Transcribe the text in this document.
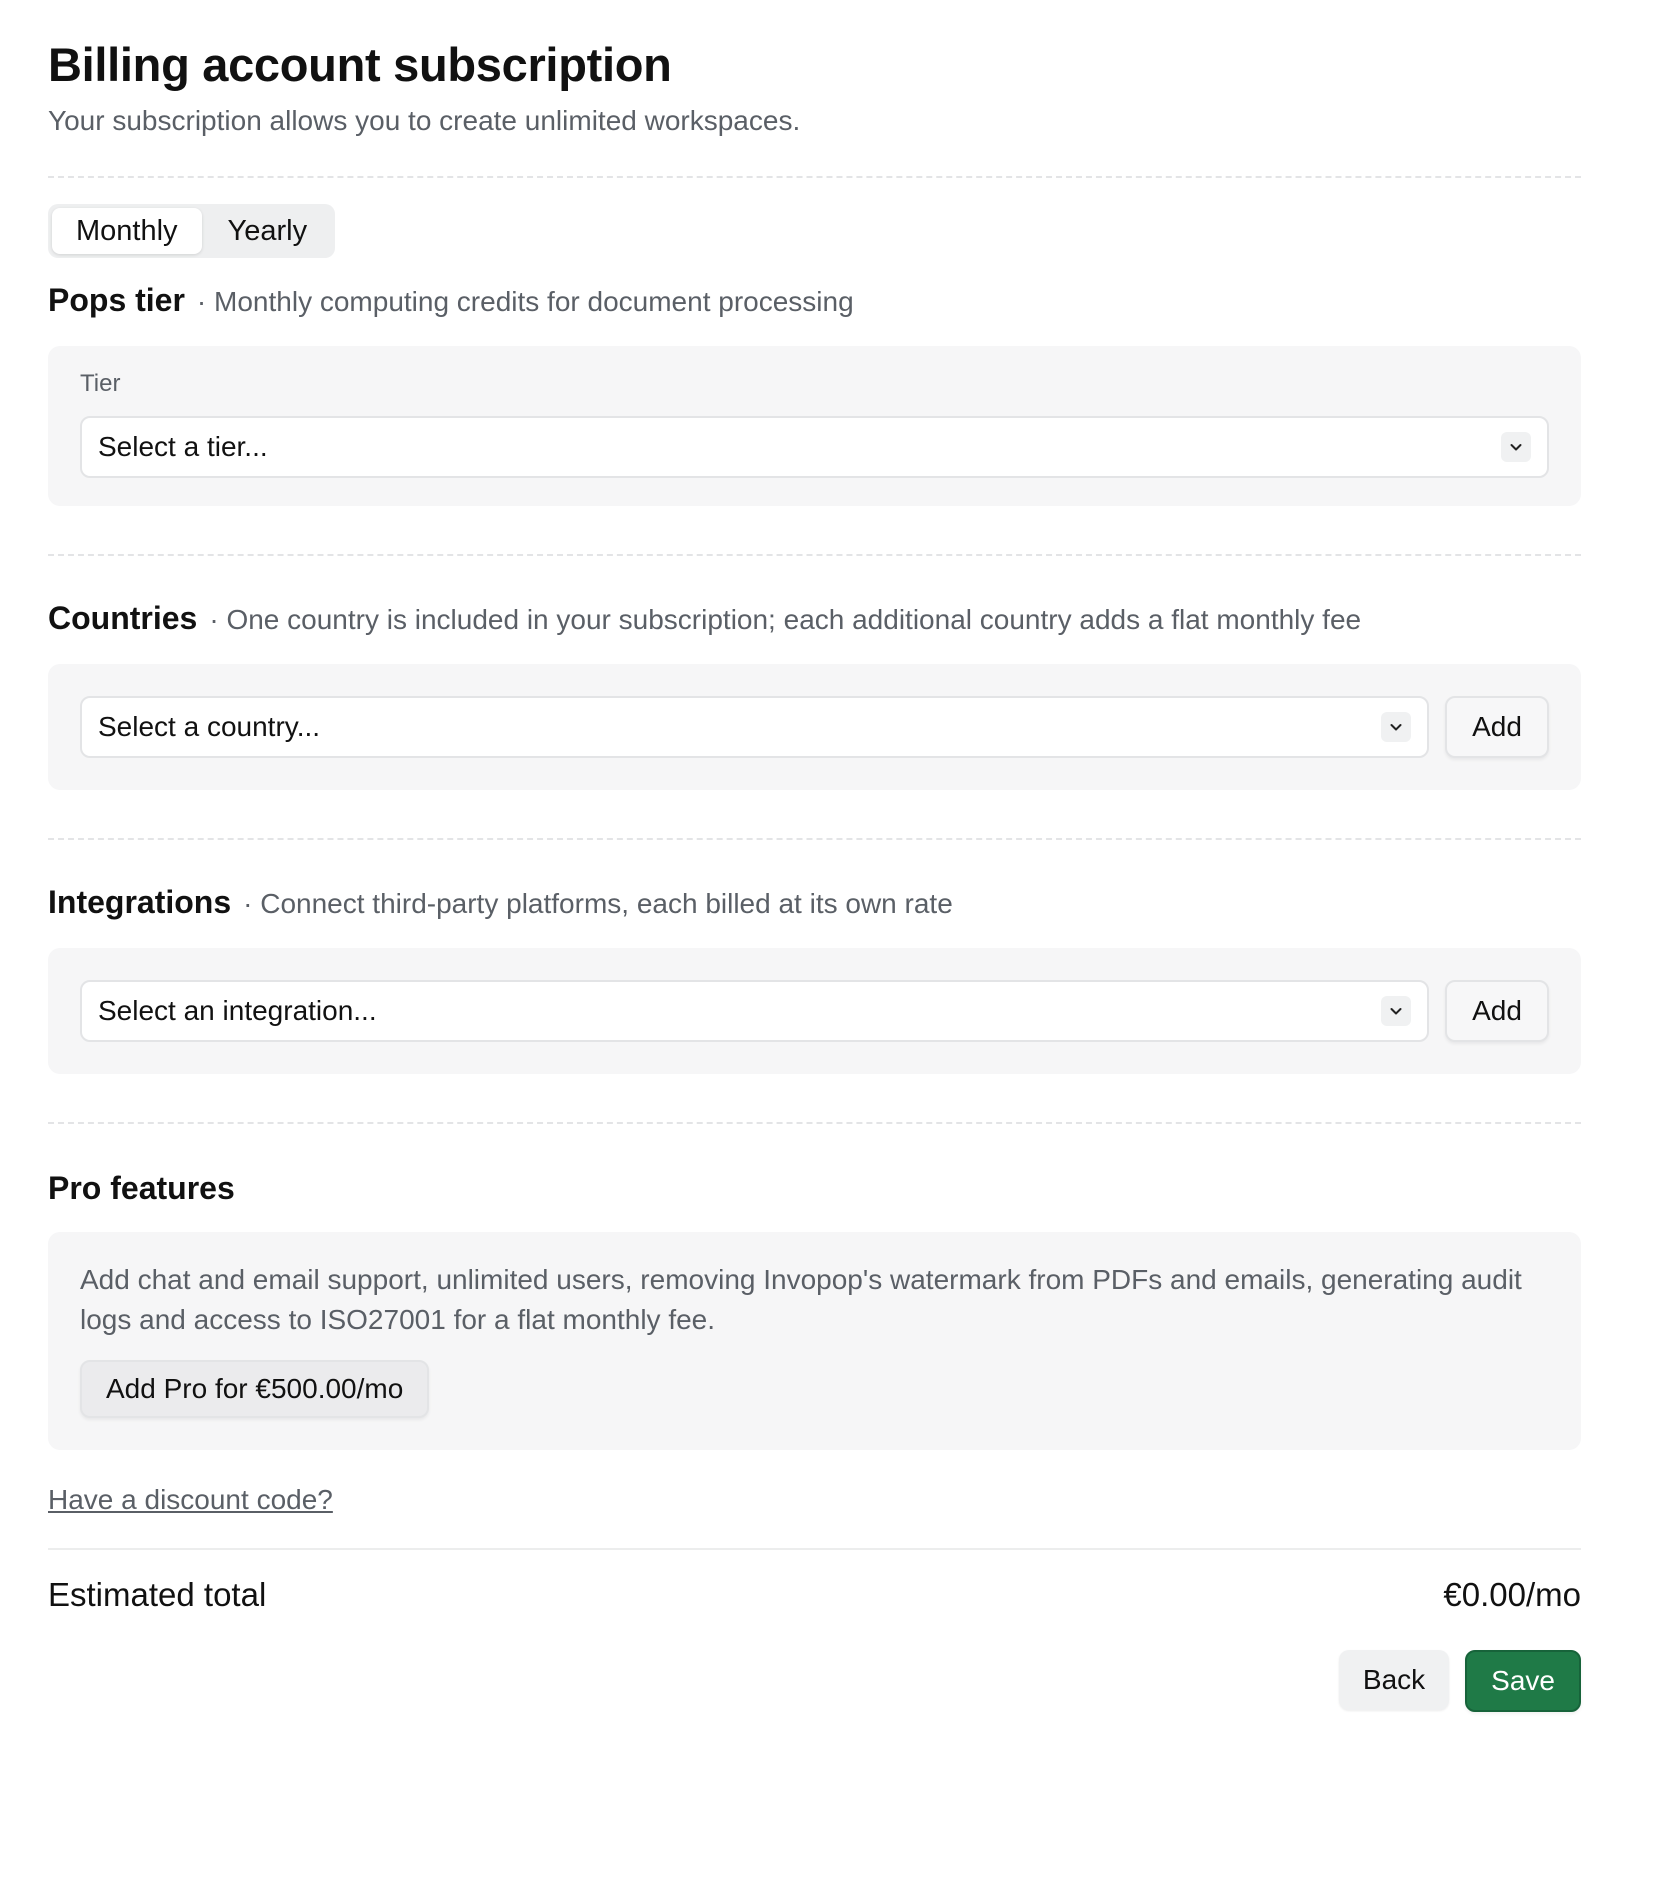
Billing account subscription
Your subscription allows you to create unlimited workspaces.
Monthly	Yearly
Pops tier · Monthly computing credits for document processing
Tier
Select a tier...
Countries · One country is included in your subscription; each additional country adds a flat monthly fee
Select a country...	Add
Integrations · Connect third-party platforms, each billed at its own rate
Select an integration...	Add
Pro features
Add chat and email support, unlimited users, removing Invopop's watermark from PDFs and emails, generating audit logs and access to ISO27001 for a flat monthly fee.
Add Pro for €500.00/mo
Have a discount code?
Estimated total	€0.00/mo
Back	Save
